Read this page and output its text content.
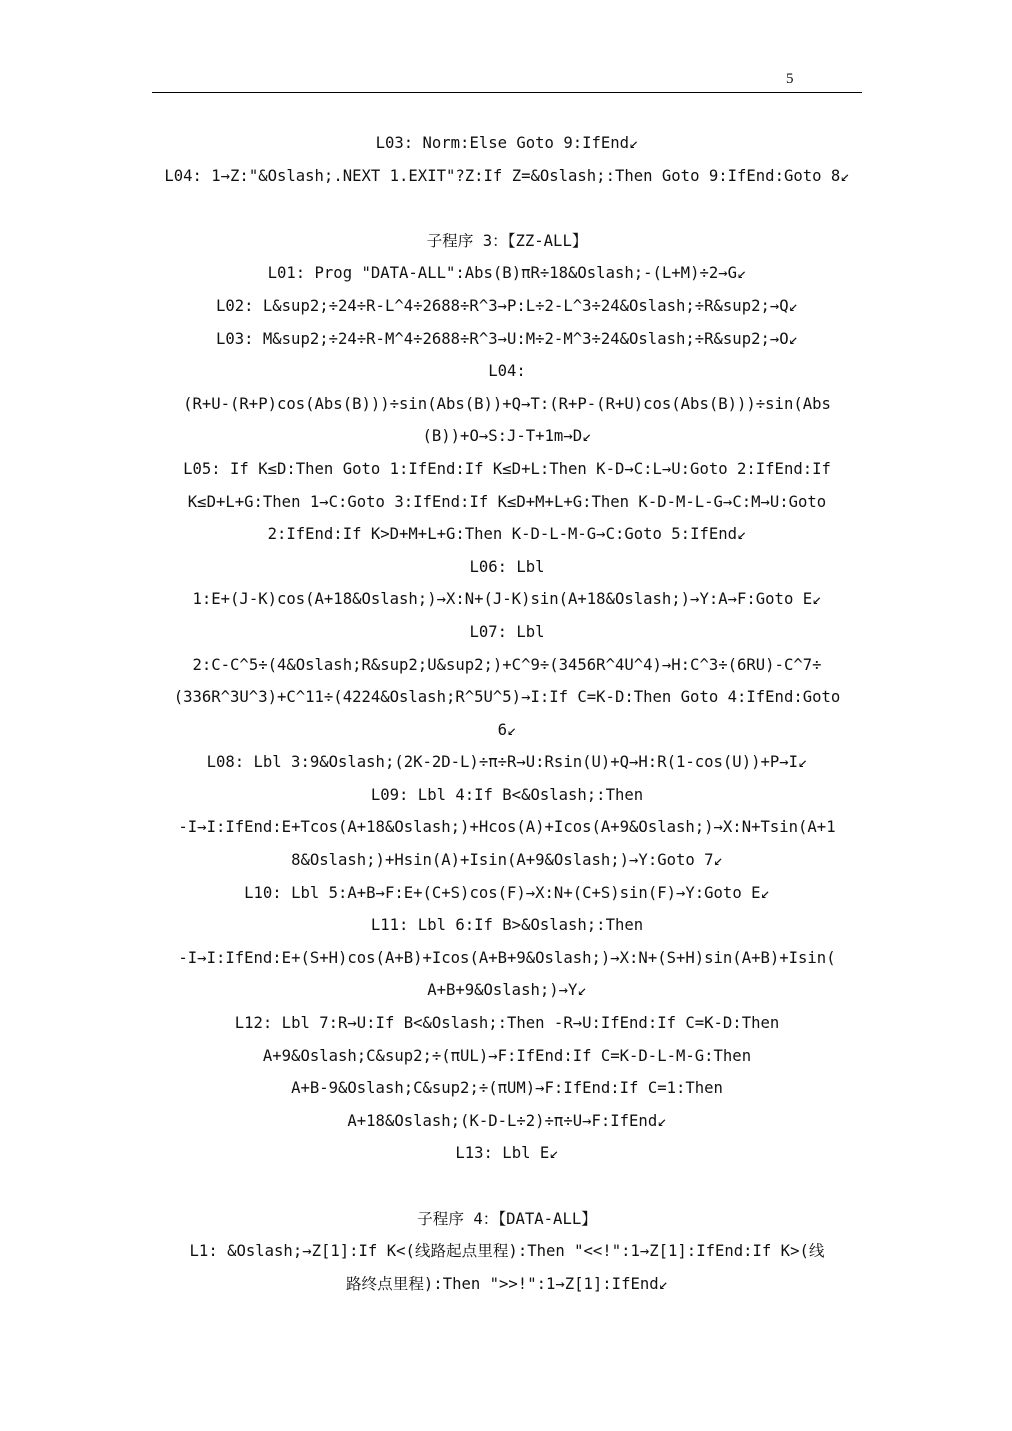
5
L03: Norm:Else Goto 9:IfEnd↙
L04: 1→Z:"&Oslash;.NEXT 1.EXIT"?Z:If Z=&Oslash;:Then Goto 9:IfEnd:Goto 8↙
子程序 3：【ZZ-ALL】
L01: Prog "DATA-ALL":Abs(B)πR÷18&Oslash;-(L+M)÷2→G↙
L02: L&sup2;÷24÷R-L^4÷2688÷R^3→P:L÷2-L^3÷24&Oslash;÷R&sup2;→Q↙
L03: M&sup2;÷24÷R-M^4÷2688÷R^3→U:M÷2-M^3÷24&Oslash;÷R&sup2;→O↙
L04:
(R+U-(R+P)cos(Abs(B)))÷sin(Abs(B))+Q→T:(R+P-(R+U)cos(Abs(B)))÷sin(Abs
(B))+O→S:J-T+1m→D↙
L05: If K≤D:Then Goto 1:IfEnd:If K≤D+L:Then K-D→C:L→U:Goto 2:IfEnd:If
K≤D+L+G:Then 1→C:Goto 3:IfEnd:If K≤D+M+L+G:Then K-D-M-L-G→C:M→U:Goto
2:IfEnd:If K>D+M+L+G:Then K-D-L-M-G→C:Goto 5:IfEnd↙
L06: Lbl
1:E+(J-K)cos(A+18&Oslash;)→X:N+(J-K)sin(A+18&Oslash;)→Y:A→F:Goto E↙
L07: Lbl
2:C-C^5÷(4&Oslash;R&sup2;U&sup2;)+C^9÷(3456R^4U^4)→H:C^3÷(6RU)-C^7÷
(336R^3U^3)+C^11÷(4224&Oslash;R^5U^5)→I:If C=K-D:Then Goto 4:IfEnd:Goto
6↙
L08: Lbl 3:9&Oslash;(2K-2D-L)÷π÷R→U:Rsin(U)+Q→H:R(1-cos(U))+P→I↙
L09: Lbl 4:If B<&Oslash;:Then
-I→I:IfEnd:E+Tcos(A+18&Oslash;)+Hcos(A)+Icos(A+9&Oslash;)→X:N+Tsin(A+1
8&Oslash;)+Hsin(A)+Isin(A+9&Oslash;)→Y:Goto 7↙
L10: Lbl 5:A+B→F:E+(C+S)cos(F)→X:N+(C+S)sin(F)→Y:Goto E↙
L11: Lbl 6:If B>&Oslash;:Then
-I→I:IfEnd:E+(S+H)cos(A+B)+Icos(A+B+9&Oslash;)→X:N+(S+H)sin(A+B)+Isin(
A+B+9&Oslash;)→Y↙
L12: Lbl 7:R→U:If B<&Oslash;:Then -R→U:IfEnd:If C=K-D:Then
A+9&Oslash;C&sup2;÷(πUL)→F:IfEnd:If C=K-D-L-M-G:Then
A+B-9&Oslash;C&sup2;÷(πUM)→F:IfEnd:If C=1:Then
A+18&Oslash;(K-D-L÷2)÷π÷U→F:IfEnd↙
L13: Lbl E↙
子程序 4：【DATA-ALL】
L1: &Oslash;→Z[1]:If K<(线路起点里程):Then "<<!":1→Z[1]:IfEnd:If K>(线
路终点里程):Then ">>!":1→Z[1]:IfEnd↙
